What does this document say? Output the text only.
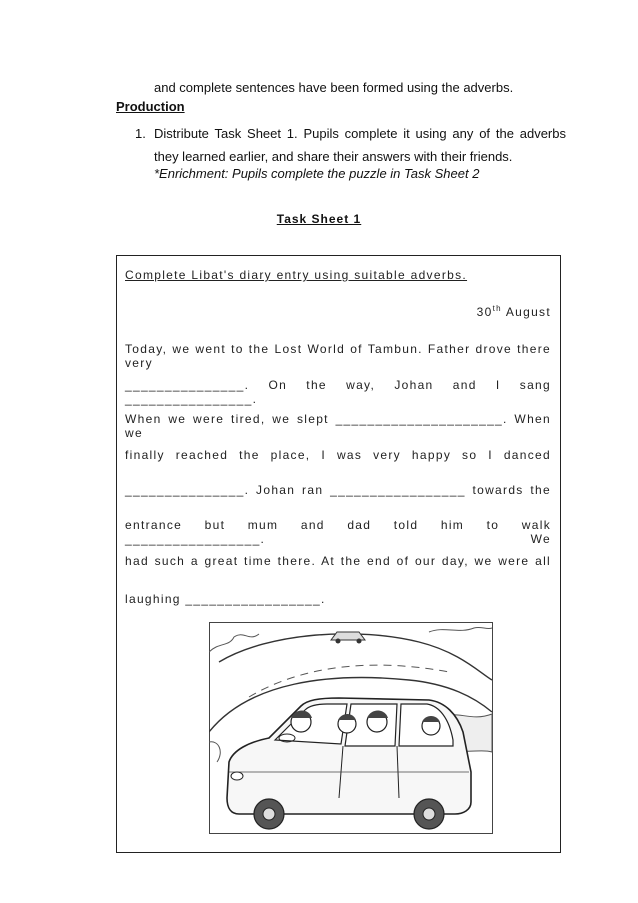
and complete sentences have been formed using the adverbs.
Production
1. Distribute Task Sheet 1. Pupils complete it using any of the adverbs they learned earlier, and share their answers with their friends.
*Enrichment: Pupils complete the puzzle in Task Sheet 2
Task Sheet 1
Complete Libat's diary entry using suitable adverbs.
30th August
Today, we went to the Lost World of Tambun. Father drove there very
_______________. On the way, Johan and I sang ________________.
When we were tired, we slept _____________________. When we
finally reached the place, I was very happy so I danced
_______________. Johan ran _________________ towards the
entrance but mum and dad told him to walk _________________. We
had such a great time there. At the end of our day, we were all
laughing _________________.
